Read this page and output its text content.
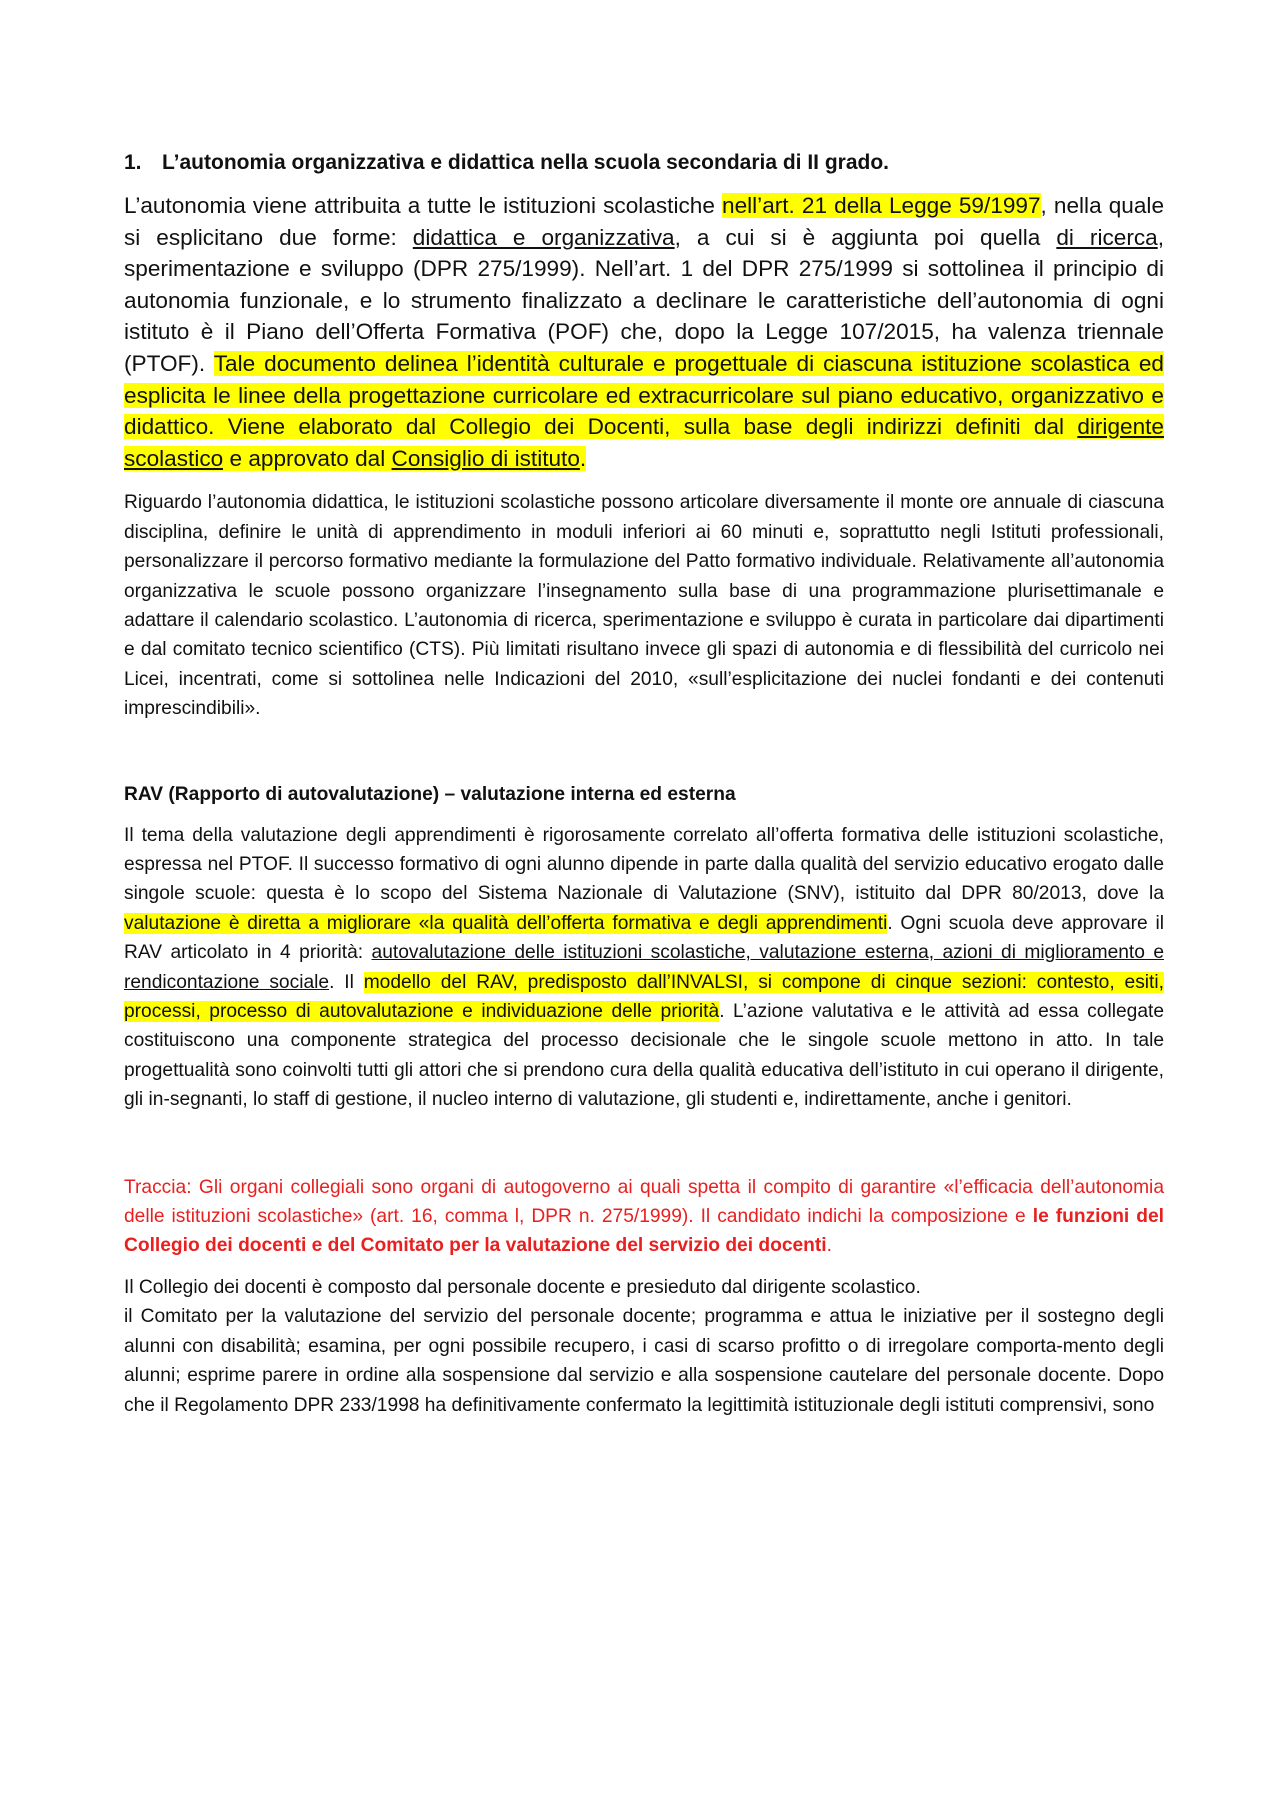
1. L’autonomia organizzativa e didattica nella scuola secondaria di II grado.

L’autonomia viene attribuita a tutte le istituzioni scolastiche nell’art. 21 della Legge 59/1997, nella quale si esplicitano due forme: didattica e organizzativa, a cui si è aggiunta poi quella di ricerca, sperimentazione e sviluppo (DPR 275/1999). Nell’art. 1 del DPR 275/1999 si sottolinea il principio di autonomia funzionale, e lo strumento finalizzato a declinare le caratteristiche dell’autonomia di ogni istituto è il Piano dell’Offerta Formativa (POF) che, dopo la Legge 107/2015, ha valenza triennale (PTOF). Tale documento delinea l’identità culturale e progettuale di ciascuna istituzione scolastica ed esplicita le linee della progettazione curricolare ed extracurricolare sul piano educativo, organizzativo e didattico. Viene elaborato dal Collegio dei Docenti, sulla base degli indirizzi definiti dal dirigente scolastico e approvato dal Consiglio di istituto.

Riguardo l’autonomia didattica, le istituzioni scolastiche possono articolare diversamente il monte ore annuale di ciascuna disciplina, definire le unità di apprendimento in moduli inferiori ai 60 minuti e, soprattutto negli Istituti professionali, personalizzare il percorso formativo mediante la formulazione del Patto formativo individuale. Relativamente all’autonomia organizzativa le scuole possono organizzare l’insegnamento sulla base di una programmazione plurisettimanale e adattare il calendario scolastico. L’autonomia di ricerca, sperimentazione e sviluppo è curata in particolare dai dipartimenti e dal comitato tecnico scientifico (CTS). Più limitati risultano invece gli spazi di autonomia e di flessibilità del curricolo nei Licei, incentrati, come si sottolinea nelle Indicazioni del 2010, «sull’esplicitazione dei nuclei fondanti e dei contenuti imprescindibili».

RAV (Rapporto di autovalutazione) – valutazione interna ed esterna

Il tema della valutazione degli apprendimenti è rigorosamente correlato all’offerta formativa delle istituzioni scolastiche, espressa nel PTOF. Il successo formativo di ogni alunno dipende in parte dalla qualità del servizio educativo erogato dalle singole scuole: questa è lo scopo del Sistema Nazionale di Valutazione (SNV), istituito dal DPR 80/2013, dove la valutazione è diretta a migliorare «la qualità dell’offerta formativa e degli apprendimenti. Ogni scuola deve approvare il RAV articolato in 4 priorità: autovalutazione delle istituzioni scolastiche, valutazione esterna, azioni di miglioramento e rendicontazione sociale. Il modello del RAV, predisposto dall’INVALSI, si compone di cinque sezioni: contesto, esiti, processi, processo di autovalutazione e individuazione delle priorità. L’azione valutativa e le attività ad essa collegate costituiscono una componente strategica del processo decisionale che le singole scuole mettono in atto. In tale progettualità sono coinvolti tutti gli attori che si prendono cura della qualità educativa dell’istituto in cui operano il dirigente, gli in-segnanti, lo staff di gestione, il nucleo interno di valutazione, gli studenti e, indirettamente, anche i genitori.

Traccia: Gli organi collegiali sono organi di autogoverno ai quali spetta il compito di garantire «l’efficacia dell’autonomia delle istituzioni scolastiche» (art. 16, comma l, DPR n. 275/1999). Il candidato indichi la composizione e le funzioni del Collegio dei docenti e del Comitato per la valutazione del servizio dei docenti.

Il Collegio dei docenti è composto dal personale docente e presieduto dal dirigente scolastico.

il Comitato per la valutazione del servizio del personale docente; programma e attua le iniziative per il sostegno degli alunni con disabilità; esamina, per ogni possibile recupero, i casi di scarso profitto o di irregolare comporta-mento degli alunni; esprime parere in ordine alla sospensione dal servizio e alla sospensione cautelare del personale docente. Dopo che il Regolamento DPR 233/1998 ha definitivamente confermato la legittimità istituzionale degli istituti comprensivi, sono
